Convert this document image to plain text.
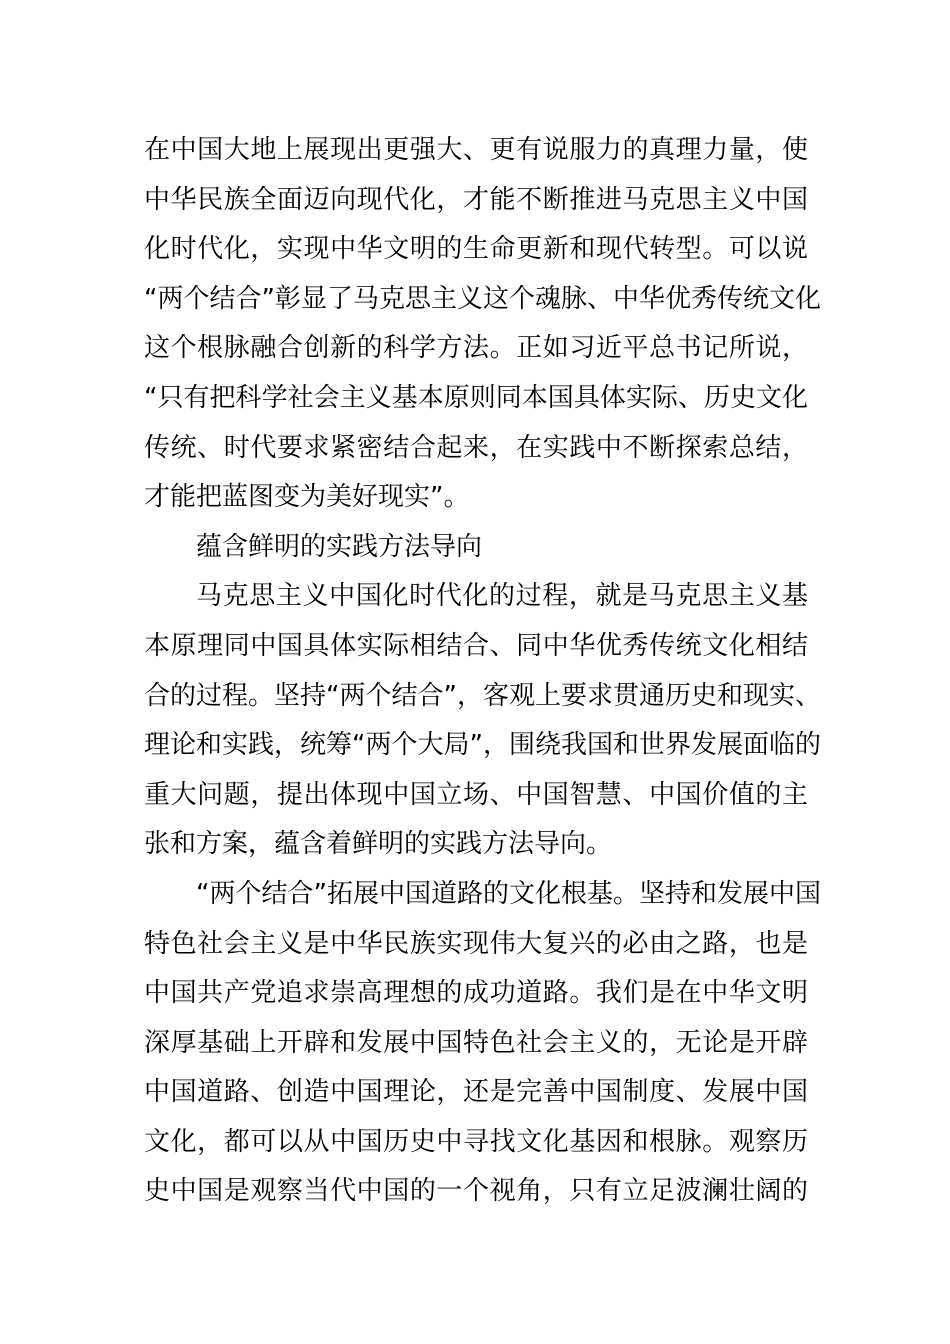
在中国大地上展现出更强大、更有说服力的真理力量，使
中华民族全面迈向现代化，才能不断推进马克思主义中国
化时代化，实现中华文明的生命更新和现代转型。可以说
“两个结合”彰显了马克思主义这个魂脉、中华优秀传统文化
这个根脉融合创新的科学方法。正如习近平总书记所说，
“只有把科学社会主义基本原则同本国具体实际、历史文化
传统、时代要求紧密结合起来，在实践中不断探索总结，
才能把蓝图变为美好现实”。
蕴含鲜明的实践方法导向
马克思主义中国化时代化的过程，就是马克思主义基
本原理同中国具体实际相结合、同中华优秀传统文化相结
合的过程。坚持“两个结合”，客观上要求贯通历史和现实、
理论和实践，统筹“两个大局”，围绕我国和世界发展面临的
重大问题，提出体现中国立场、中国智慧、中国价值的主
张和方案，蕴含着鲜明的实践方法导向。
“两个结合”拓展中国道路的文化根基。坚持和发展中国
特色社会主义是中华民族实现伟大复兴的必由之路，也是
中国共产党追求崇高理想的成功道路。我们是在中华文明
深厚基础上开辟和发展中国特色社会主义的，无论是开辟
中国道路、创造中国理论，还是完善中国制度、发展中国
文化，都可以从中国历史中寻找文化基因和根脉。观察历
史中国是观察当代中国的一个视角，只有立足波澜壮阔的
